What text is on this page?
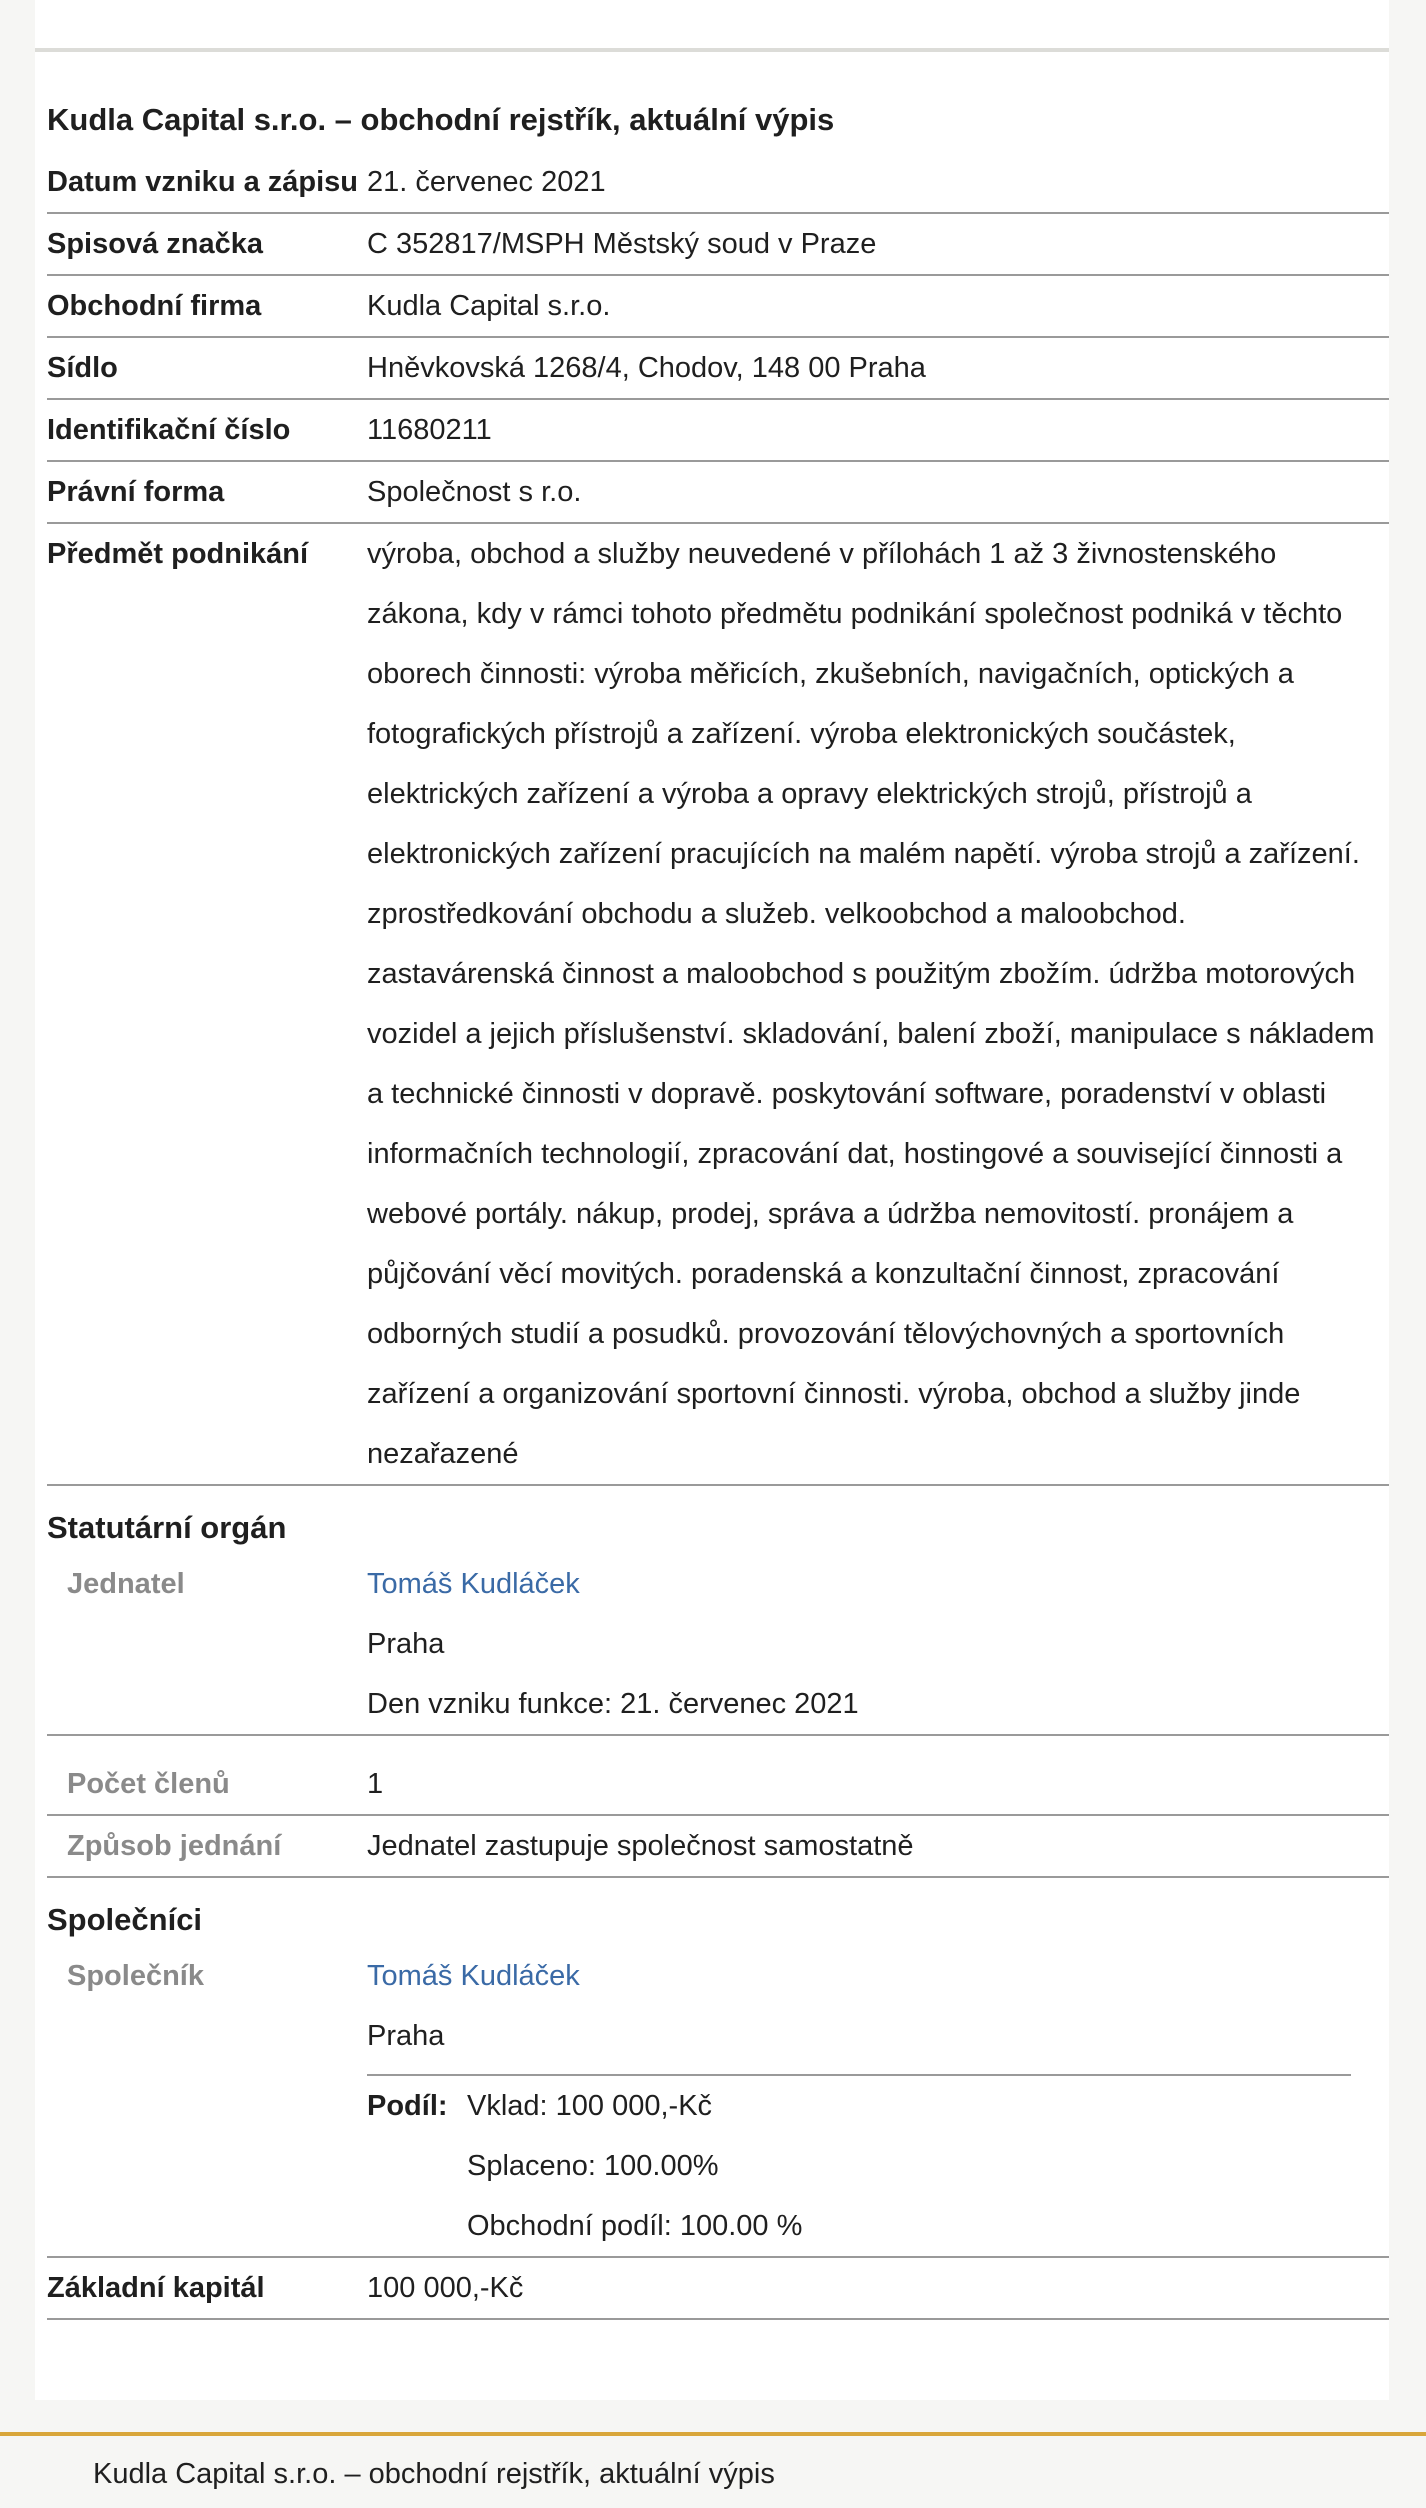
Kudla Capital s.r.o. – obchodní rejstřík, aktuální výpis
Datum vzniku a zápisu 21. červenec 2021
Spisová značka	C 352817/MSPH Městský soud v Praze
Obchodní firma	Kudla Capital s.r.o.
Sídlo	Hněvkovská 1268/4, Chodov, 148 00 Praha
Identifikační číslo	11680211
Právní forma	Společnost s r.o.
Předmět podnikání	výroba, obchod a služby neuvedené v přílohách 1 až 3 živnostenského zákona, kdy v rámci tohoto předmětu podnikání společnost podniká v těchto oborech činnosti: výroba měřicích, zkušebních, navigačních, optických a fotografických přístrojů a zařízení. výroba elektronických součástek, elektrických zařízení a výroba a opravy elektrických strojů, přístrojů a elektronických zařízení pracujících na malém napětí. výroba strojů a zařízení. zprostředkování obchodu a služeb. velkoobchod a maloobchod. zastavárenská činnost a maloobchod s použitým zbožím. údržba motorových vozidel a jejich příslušenství. skladování, balení zboží, manipulace s nákladem a technické činnosti v dopravě. poskytování software, poradenství v oblasti informačních technologií, zpracování dat, hostingové a související činnosti a webové portály. nákup, prodej, správa a údržba nemovitostí. pronájem a půjčování věcí movitých. poradenská a konzultační činnost, zpracování odborných studií a posudků. provozování tělovýchovných a sportovních zařízení a organizování sportovní činnosti. výroba, obchod a služby jinde nezařazené
Statutární orgán
Jednatel	Tomáš Kudláček
Praha
Den vzniku funkce: 21. červenec 2021
Počet členů	1
Způsob jednání	Jednatel zastupuje společnost samostatně
Společníci
Společník	Tomáš Kudláček
Praha
Podíl: Vklad: 100 000,-Kč
Splaceno: 100.00%
Obchodní podíl: 100.00 %
Základní kapitál	100 000,-Kč
Kudla Capital s.r.o. – obchodní rejstřík, aktuální výpis
